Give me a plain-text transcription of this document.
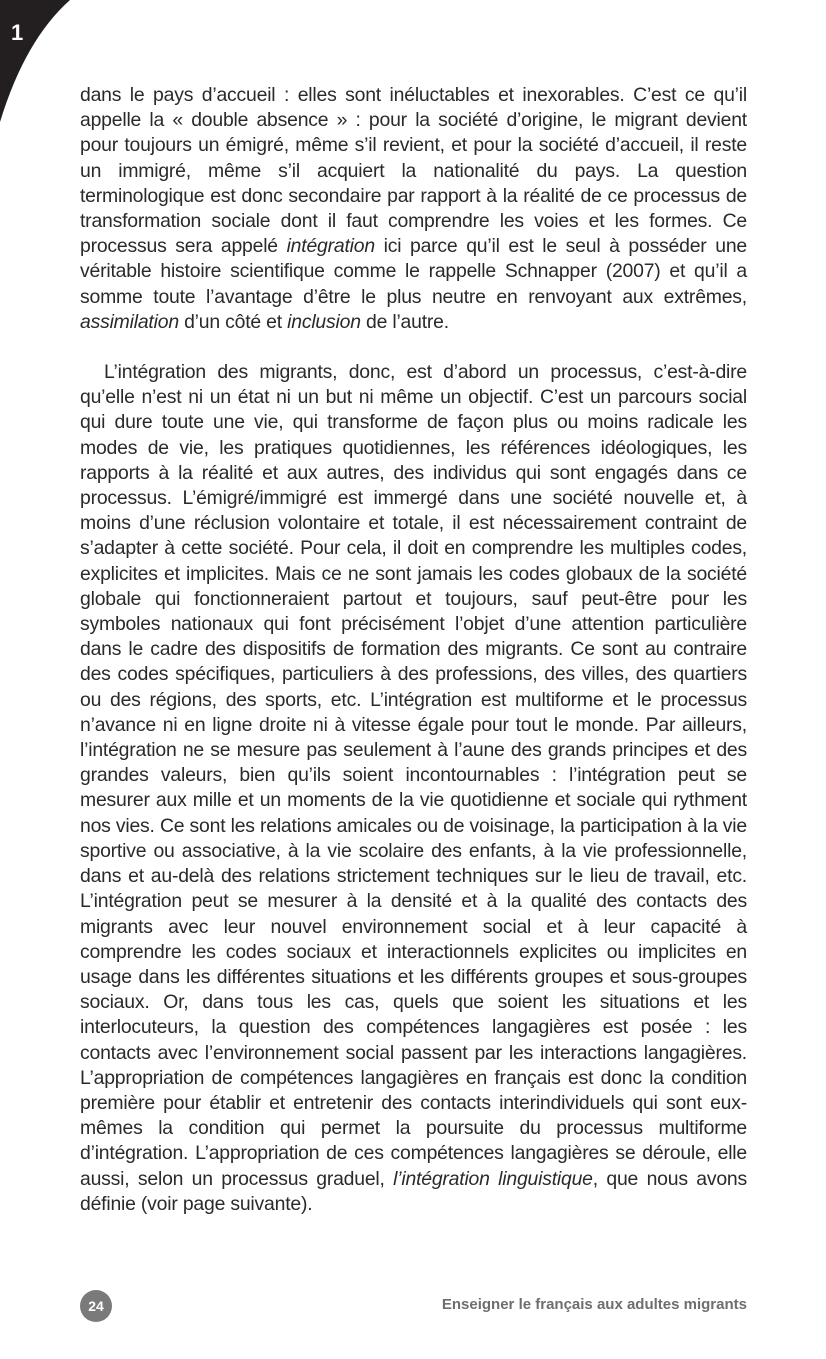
1

dans le pays d’accueil : elles sont inéluctables et inexorables. C’est ce qu’il appelle la « double absence » : pour la société d’origine, le migrant devient pour toujours un émigré, même s’il revient, et pour la société d’accueil, il reste un immigré, même s’il acquiert la nationalité du pays. La question terminologique est donc secondaire par rapport à la réalité de ce processus de transformation sociale dont il faut comprendre les voies et les formes. Ce processus sera appelé intégration ici parce qu’il est le seul à posséder une véritable histoire scientifique comme le rappelle Schnapper (2007) et qu’il a somme toute l’avantage d’être le plus neutre en renvoyant aux extrêmes, assimilation d’un côté et inclusion de l’autre.

L’intégration des migrants, donc, est d’abord un processus, c’est-à-dire qu’elle n’est ni un état ni un but ni même un objectif. C’est un parcours social qui dure toute une vie, qui transforme de façon plus ou moins radicale les modes de vie, les pratiques quotidiennes, les références idéologiques, les rapports à la réalité et aux autres, des individus qui sont engagés dans ce processus. L’émigré/immigré est immergé dans une société nouvelle et, à moins d’une réclusion volontaire et totale, il est nécessairement contraint de s’adapter à cette société. Pour cela, il doit en comprendre les multiples codes, explicites et implicites. Mais ce ne sont jamais les codes globaux de la société globale qui fonctionneraient partout et toujours, sauf peut-être pour les symboles nationaux qui font précisément l’objet d’une attention particulière dans le cadre des dispositifs de formation des migrants. Ce sont au contraire des codes spécifiques, particuliers à des professions, des villes, des quartiers ou des régions, des sports, etc. L’intégration est multiforme et le processus n’avance ni en ligne droite ni à vitesse égale pour tout le monde. Par ailleurs, l’intégration ne se mesure pas seulement à l’aune des grands principes et des grandes valeurs, bien qu’ils soient incontournables : l’intégration peut se mesurer aux mille et un moments de la vie quotidienne et sociale qui rythment nos vies. Ce sont les relations amicales ou de voisinage, la participation à la vie sportive ou associative, à la vie scolaire des enfants, à la vie professionnelle, dans et au-delà des relations strictement techniques sur le lieu de travail, etc. L’intégration peut se mesurer à la densité et à la qualité des contacts des migrants avec leur nouvel environnement social et à leur capacité à comprendre les codes sociaux et interactionnels explicites ou implicites en usage dans les différentes situations et les différents groupes et sous-groupes sociaux. Or, dans tous les cas, quels que soient les situations et les interlocuteurs, la question des compétences langagières est posée : les contacts avec l’environnement social passent par les interactions langagières. L’appropriation de compétences langagières en français est donc la condition première pour établir et entretenir des contacts interindividuels qui sont eux-mêmes la condition qui permet la poursuite du processus multiforme d’intégration. L’appropriation de ces compétences langagières se déroule, elle aussi, selon un processus graduel, l’intégration linguistique, que nous avons définie (voir page suivante).

24	Enseigner le français aux adultes migrants
